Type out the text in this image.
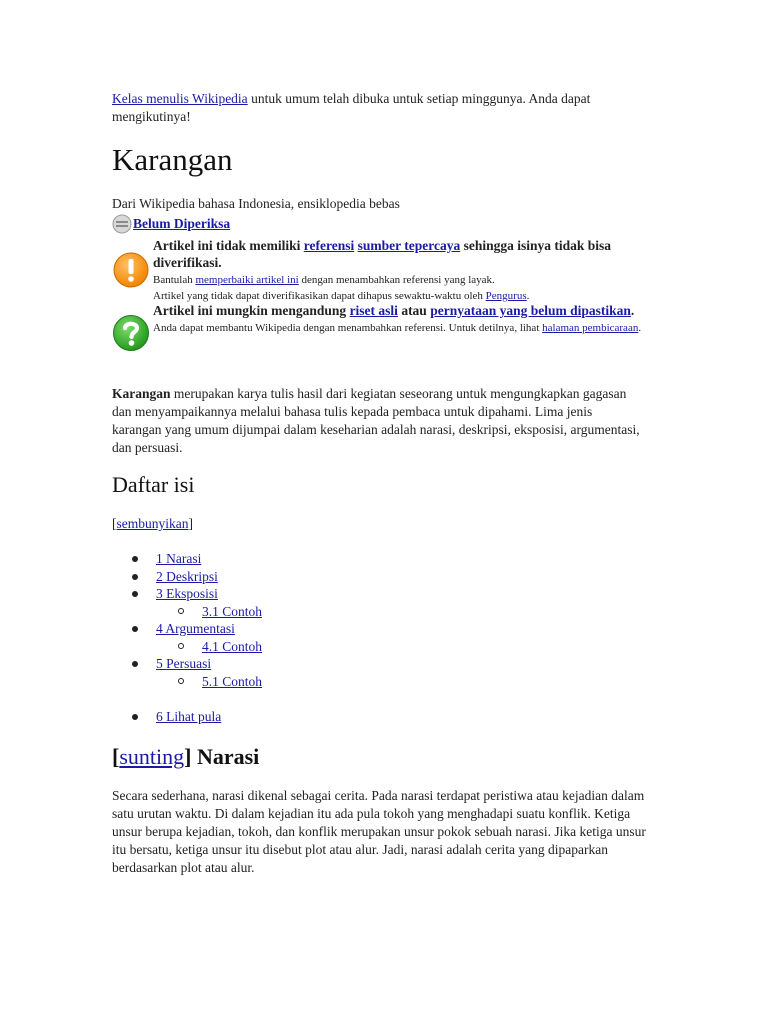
Kelas menulis Wikipedia untuk umum telah dibuka untuk setiap minggunya. Anda dapat mengikutinya!
Karangan
Dari Wikipedia bahasa Indonesia, ensiklopedia bebas
Belum Diperiksa
Artikel ini tidak memiliki referensi sumber tepercaya sehingga isinya tidak bisa diverifikasi.
Bantulah memperbaiki artikel ini dengan menambahkan referensi yang layak.
Artikel yang tidak dapat diverifikasikan dapat dihapus sewaktu-waktu oleh Pengurus.
Artikel ini mungkin mengandung riset asli atau pernyataan yang belum dipastikan.
Anda dapat membantu Wikipedia dengan menambahkan referensi. Untuk detilnya, lihat halaman pembicaraan.
Karangan merupakan karya tulis hasil dari kegiatan seseorang untuk mengungkapkan gagasan dan menyampaikannya melalui bahasa tulis kepada pembaca untuk dipahami. Lima jenis karangan yang umum dijumpai dalam keseharian adalah narasi, deskripsi, eksposisi, argumentasi, dan persuasi.
Daftar isi
[sembunyikan]
1 Narasi
2 Deskripsi
3 Eksposisi
3.1 Contoh
4 Argumentasi
4.1 Contoh
5 Persuasi
5.1 Contoh
6 Lihat pula
[sunting] Narasi
Secara sederhana, narasi dikenal sebagai cerita. Pada narasi terdapat peristiwa atau kejadian dalam satu urutan waktu. Di dalam kejadian itu ada pula tokoh yang menghadapi suatu konflik. Ketiga unsur berupa kejadian, tokoh, dan konflik merupakan unsur pokok sebuah narasi. Jika ketiga unsur itu bersatu, ketiga unsur itu disebut plot atau alur. Jadi, narasi adalah cerita yang dipaparkan berdasarkan plot atau alur.
